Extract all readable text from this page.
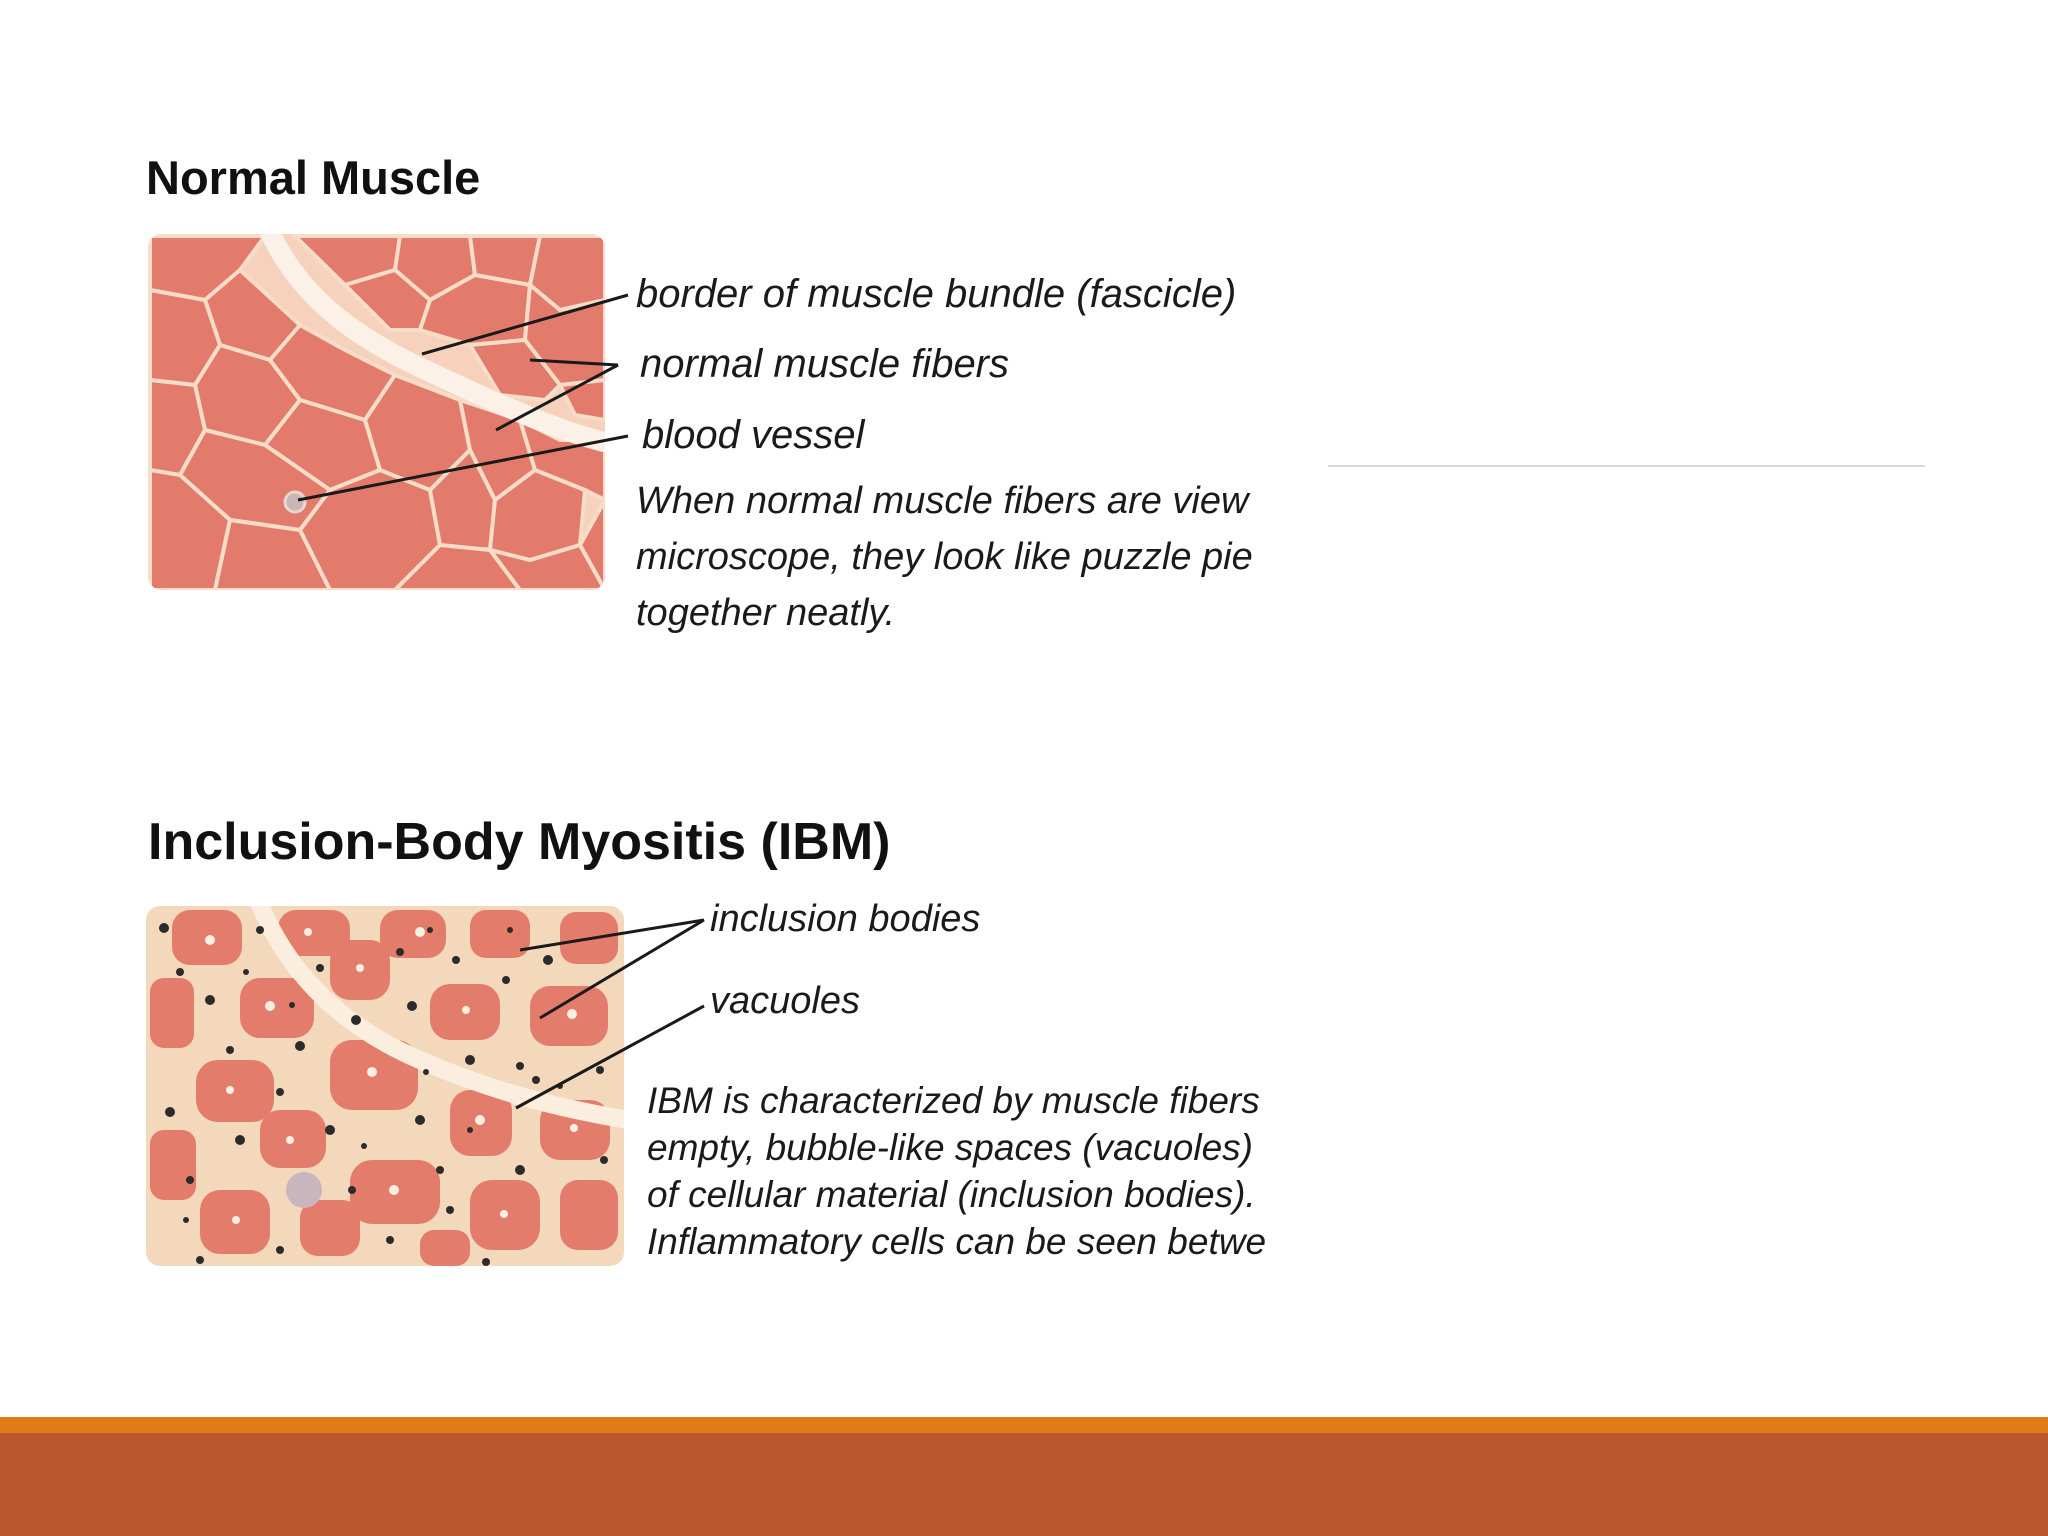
Normal Muscle
border of muscle bundle (fascicle)
normal muscle fibers
blood vessel
When normal muscle fibers are view
microscope, they look like puzzle pie
together neatly.
Inclusion-Body Myositis (IBM)
inclusion bodies
vacuoles
IBM is characterized by muscle fibers
empty, bubble-like spaces (vacuoles)
of cellular material (inclusion bodies).
Inflammatory cells can be seen betwe
